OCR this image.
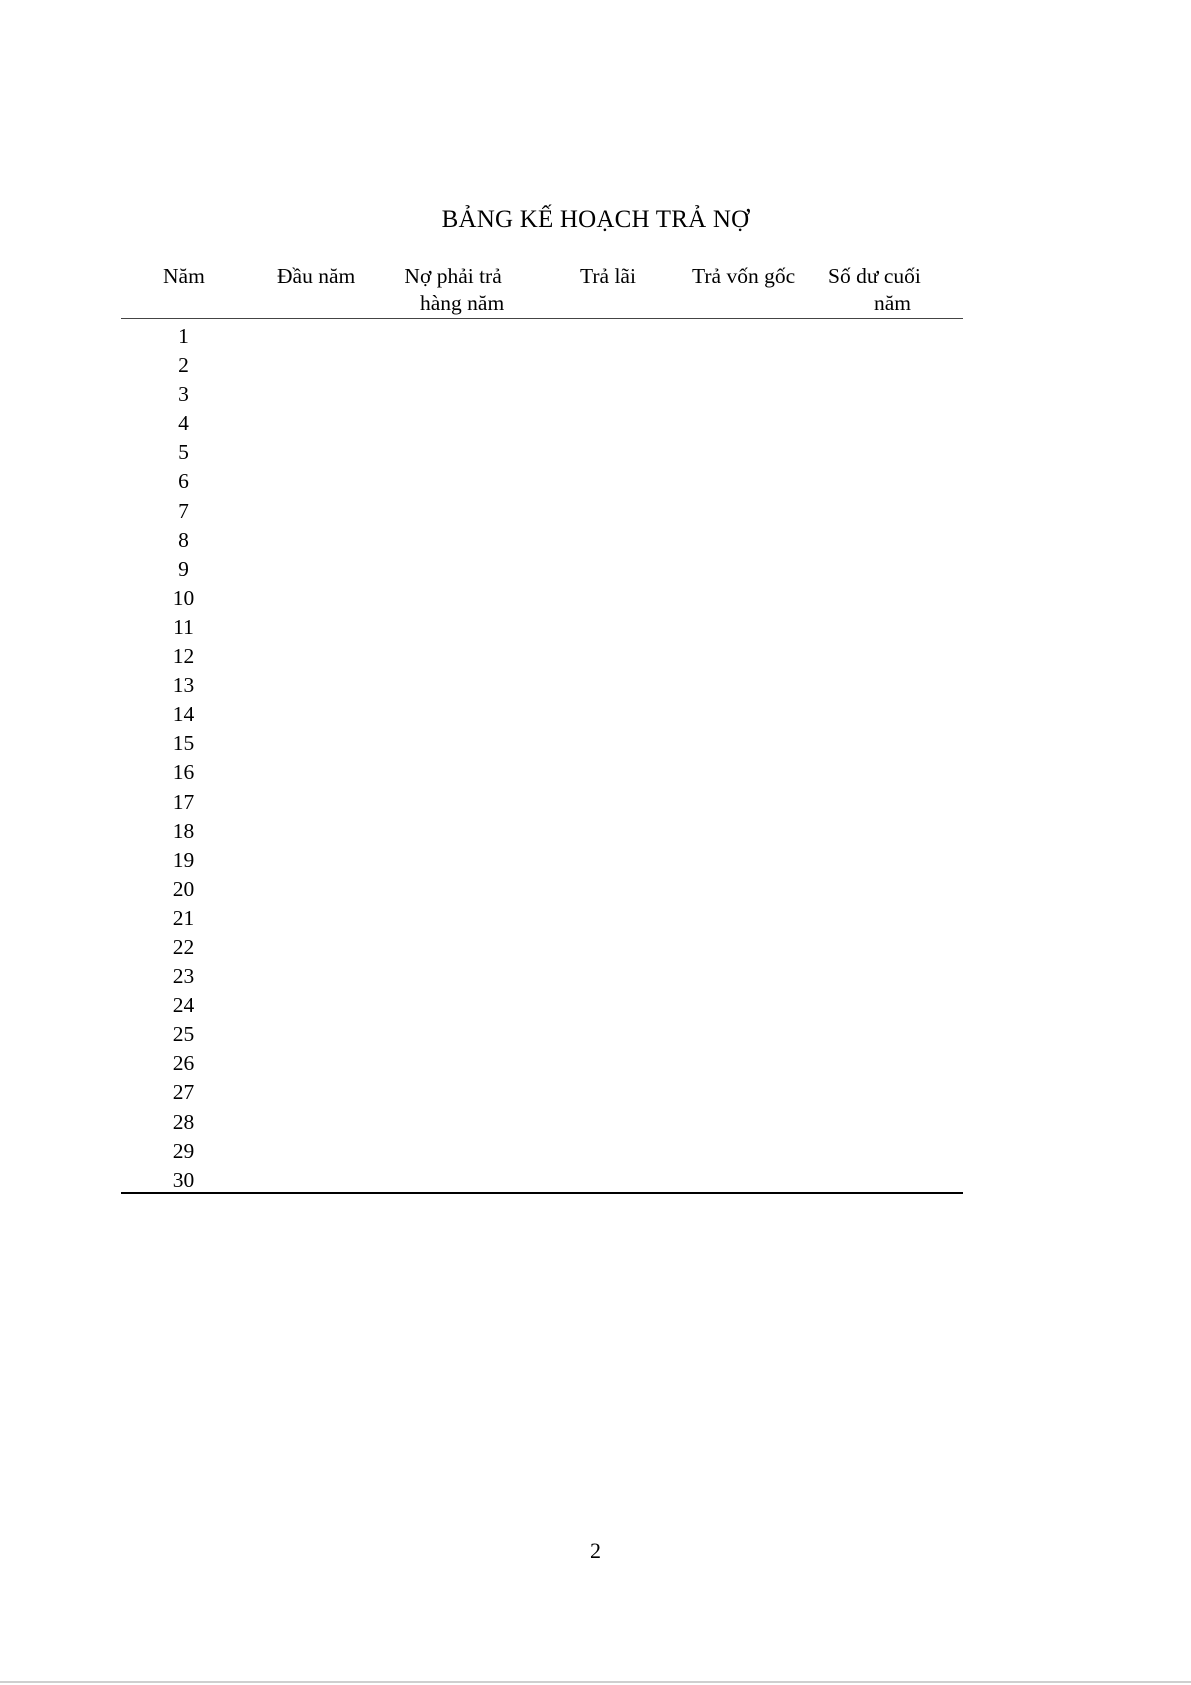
BẢNG KẾ HOẠCH TRẢ NỢ
Năm	Đầu năm Nợ phải trả
hàng năm
Trả lãi	Trả vốn gốc Số dư cuối
năm
1
2
3
4
5
6
7
8
9
10
11
12
13
14
15
16
17
18
19
20
21
22
23
24
25
26
27
28
29
30
2
